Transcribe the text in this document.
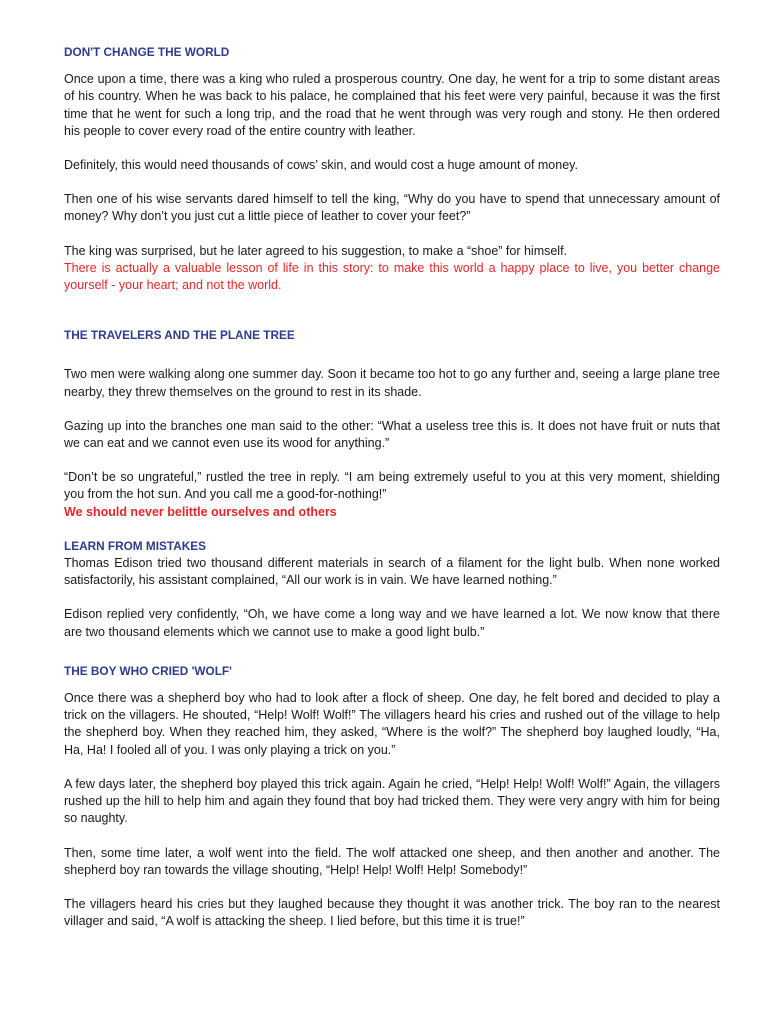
DON'T CHANGE THE WORLD

Once upon a time, there was a king who ruled a prosperous country. One day, he went for a trip to some distant areas of his country. When he was back to his palace, he complained that his feet were very painful, because it was the first time that he went for such a long trip, and the road that he went through was very rough and stony. He then ordered his people to cover every road of the entire country with leather.

Definitely, this would need thousands of cows’ skin, and would cost a huge amount of money.

Then one of his wise servants dared himself to tell the king, “Why do you have to spend that unnecessary amount of money? Why don’t you just cut a little piece of leather to cover your feet?”

The king was surprised, but he later agreed to his suggestion, to make a “shoe” for himself.

There is actually a valuable lesson of life in this story: to make this world a happy place to live, you better change yourself - your heart; and not the world.

THE TRAVELERS AND THE PLANE TREE

Two men were walking along one summer day. Soon it became too hot to go any further and, seeing a large plane tree nearby, they threw themselves on the ground to rest in its shade.

Gazing up into the branches one man said to the other: “What a useless tree this is. It does not have fruit or nuts that we can eat and we cannot even use its wood for anything.”

“Don’t be so ungrateful,” rustled the tree in reply. “I am being extremely useful to you at this very moment, shielding you from the hot sun. And you call me a good-for-nothing!”

We should never belittle ourselves and others

LEARN FROM MISTAKES

Thomas Edison tried two thousand different materials in search of a filament for the light bulb. When none worked satisfactorily, his assistant complained, “All our work is in vain. We have learned nothing.”

Edison replied very confidently, “Oh, we have come a long way and we have learned a lot. We now know that there are two thousand elements which we cannot use to make a good light bulb.”

THE BOY WHO CRIED 'WOLF'

Once there was a shepherd boy who had to look after a flock of sheep. One day, he felt bored and decided to play a trick on the villagers. He shouted, “Help! Wolf! Wolf!” The villagers heard his cries and rushed out of the village to help the shepherd boy. When they reached him, they asked, “Where is the wolf?” The shepherd boy laughed loudly, “Ha, Ha, Ha! I fooled all of you. I was only playing a trick on you.”

A few days later, the shepherd boy played this trick again. Again he cried, “Help! Help! Wolf! Wolf!” Again, the villagers rushed up the hill to help him and again they found that boy had tricked them. They were very angry with him for being so naughty.

Then, some time later, a wolf went into the field. The wolf attacked one sheep, and then another and another. The shepherd boy ran towards the village shouting, “Help! Help! Wolf! Help! Somebody!”

The villagers heard his cries but they laughed because they thought it was another trick. The boy ran to the nearest villager and said, “A wolf is attacking the sheep. I lied before, but this time it is true!”
